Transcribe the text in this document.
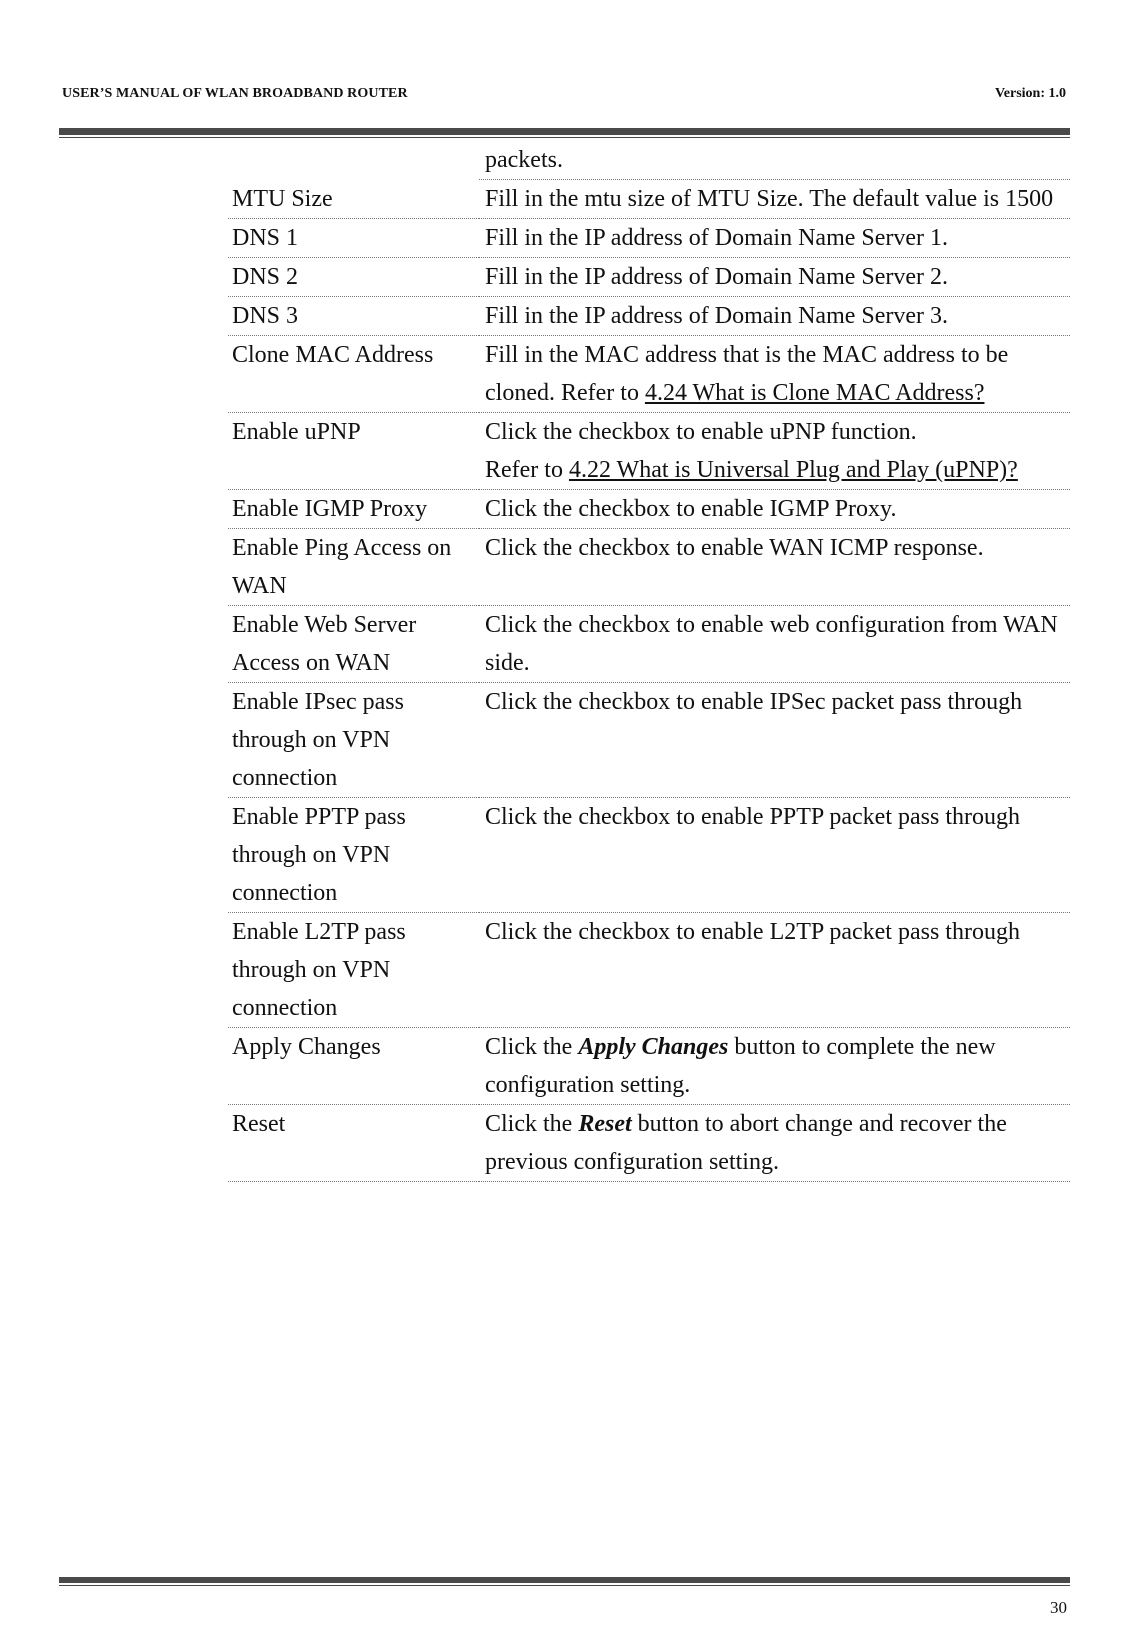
USER’S MANUAL OF WLAN BROADBAND ROUTER	Version: 1.0
	packets.
MTU Size	Fill in the mtu size of MTU Size. The default value is 1500
DNS 1	Fill in the IP address of Domain Name Server 1.
DNS 2	Fill in the IP address of Domain Name Server 2.
DNS 3	Fill in the IP address of Domain Name Server 3.
Clone MAC Address	Fill in the MAC address that is the MAC address to be cloned. Refer to 4.24 What is Clone MAC Address?
Enable uPNP	Click the checkbox to enable uPNP function.
Refer to 4.22 What is Universal Plug and Play (uPNP)?
Enable IGMP Proxy	Click the checkbox to enable IGMP Proxy.
Enable Ping Access on WAN	Click the checkbox to enable WAN ICMP response.
Enable Web Server Access on WAN	Click the checkbox to enable web configuration from WAN side.
Enable IPsec pass through on VPN connection	Click the checkbox to enable IPSec packet pass through
Enable PPTP pass through on VPN connection	Click the checkbox to enable PPTP packet pass through
Enable L2TP pass through on VPN connection	Click the checkbox to enable L2TP packet pass through
Apply Changes	Click the Apply Changes button to complete the new configuration setting.
Reset	Click the Reset button to abort change and recover the previous configuration setting.
30
